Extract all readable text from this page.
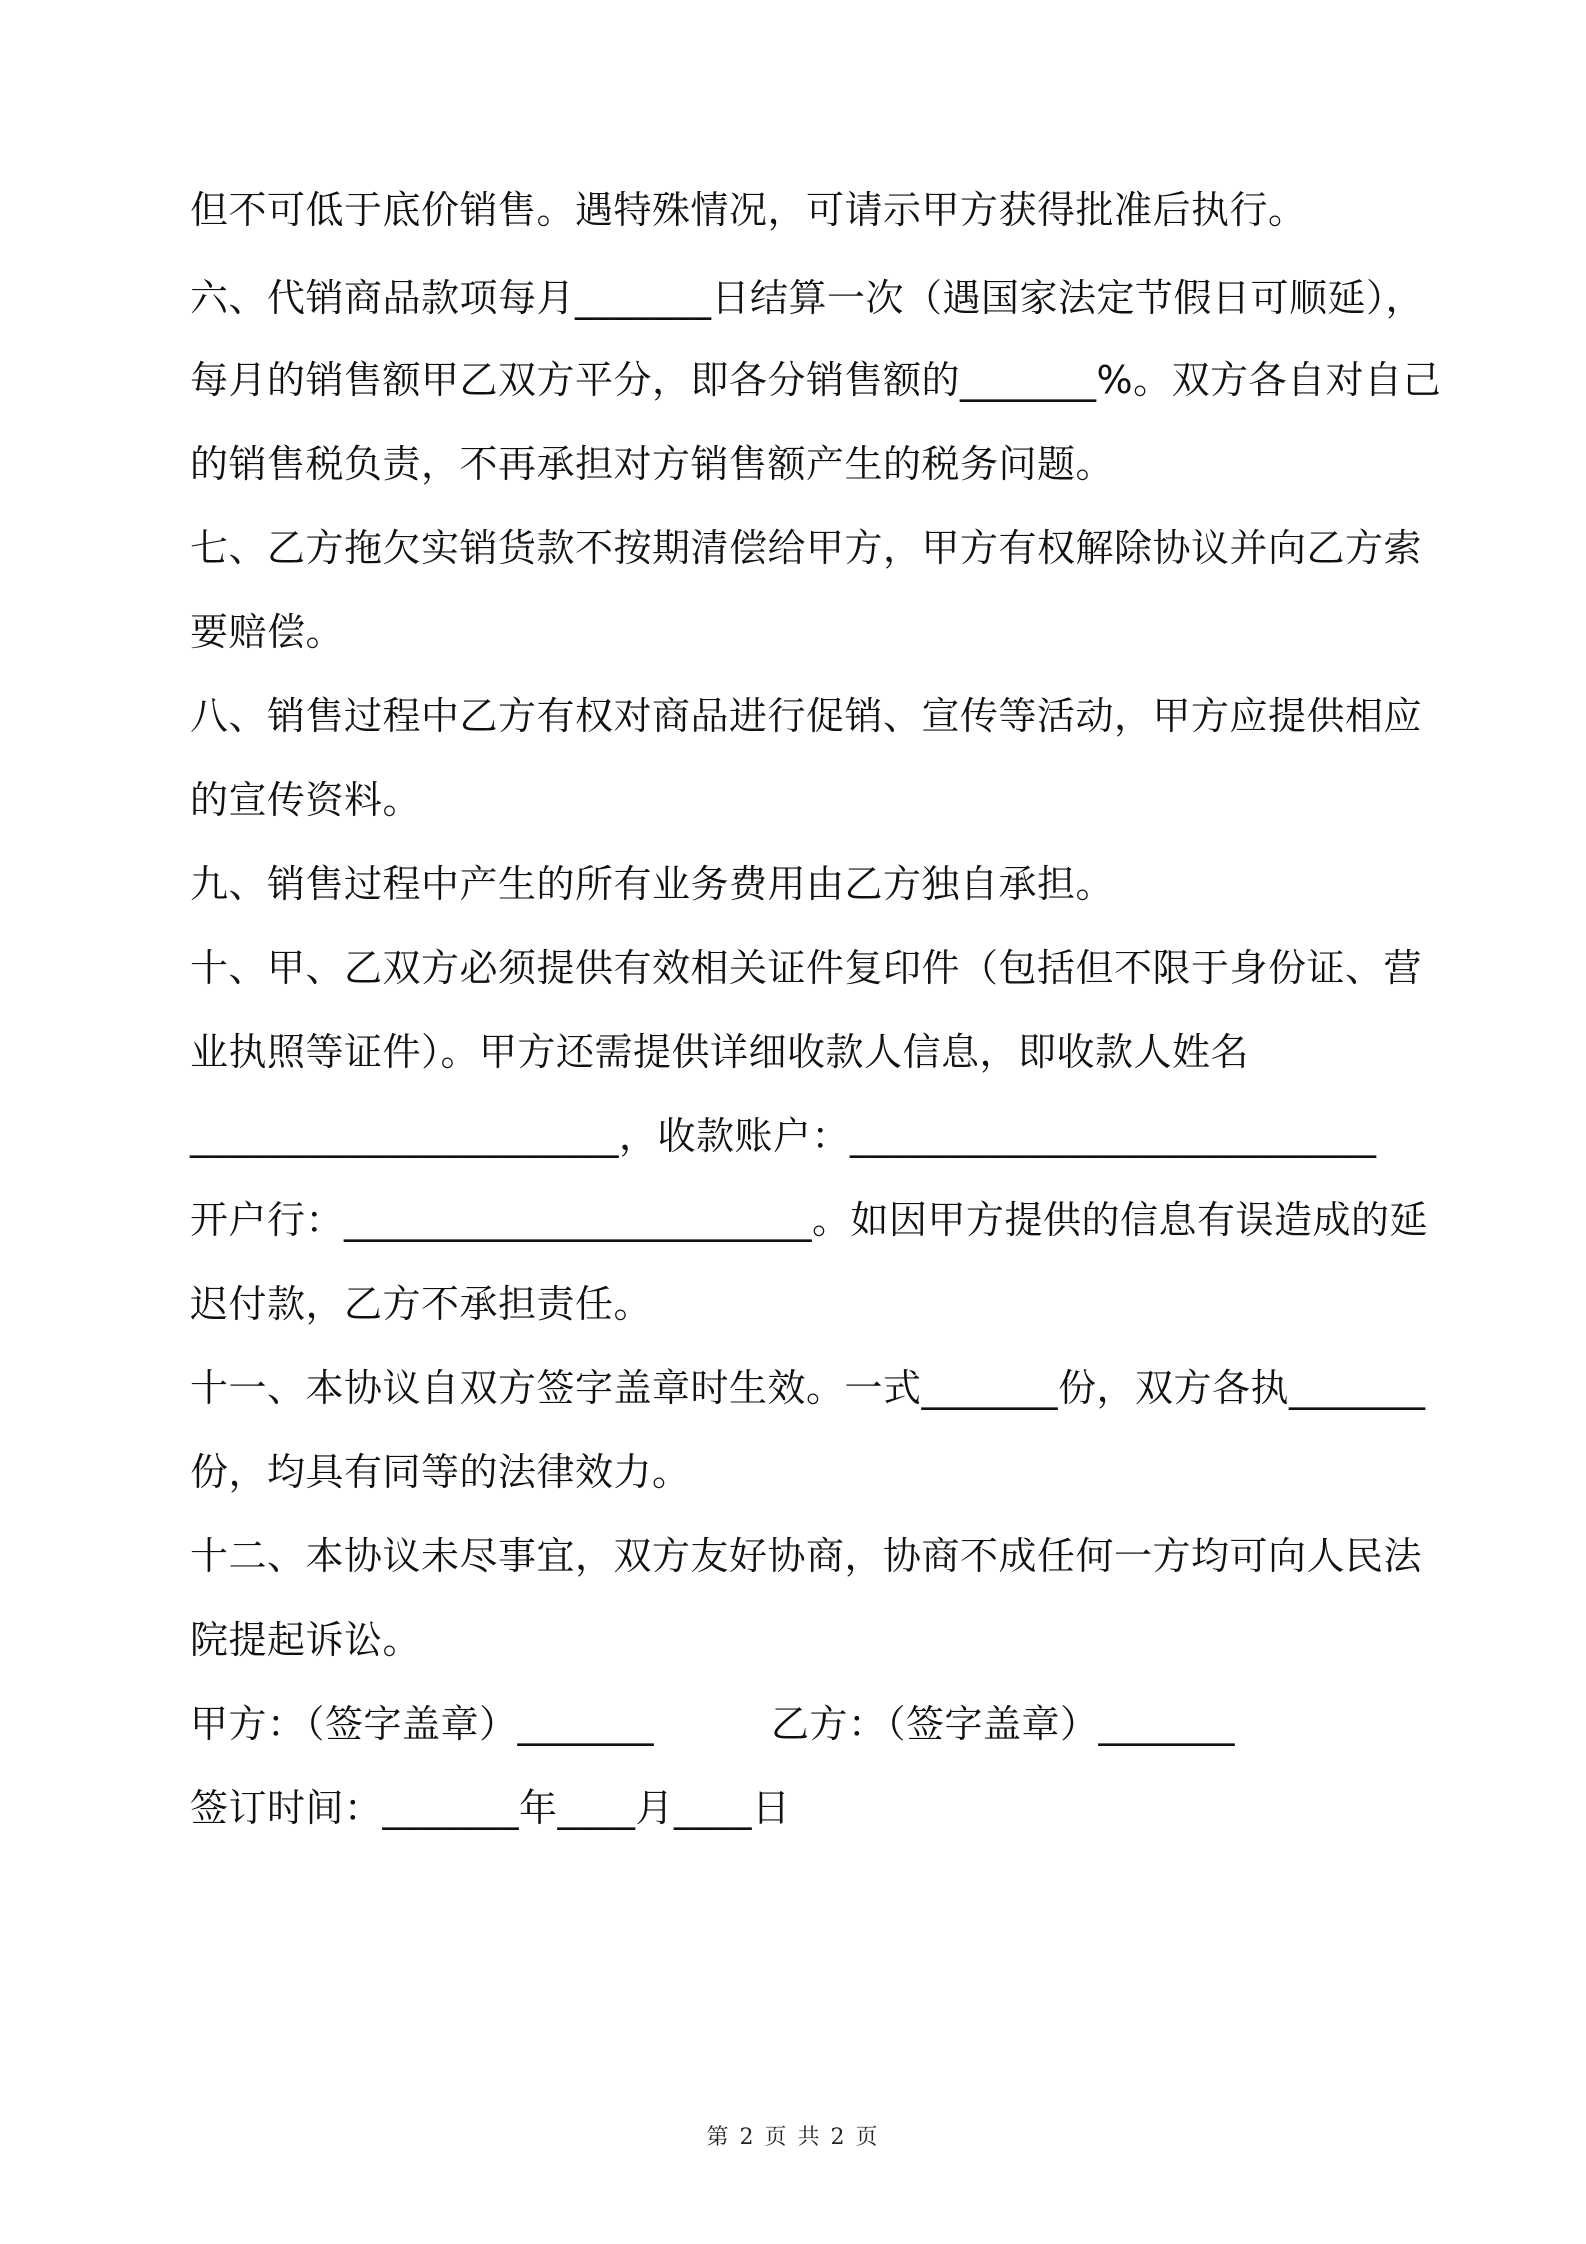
但不可低于底价销售。遇特殊情况，可请示甲方获得批准后执行。
六、代销商品款项每月_______日结算一次（遇国家法定节假日可顺延），
每月的销售额甲乙双方平分，即各分销售额的_______%。双方各自对自己
的销售税负责，不再承担对方销售额产生的税务问题。
七、乙方拖欠实销货款不按期清偿给甲方，甲方有权解除协议并向乙方索
要赔偿。
八、销售过程中乙方有权对商品进行促销、宣传等活动，甲方应提供相应
的宣传资料。
九、销售过程中产生的所有业务费用由乙方独自承担。
十、甲、乙双方必须提供有效相关证件复印件（包括但不限于身份证、营
业执照等证件）。甲方还需提供详细收款人信息，即收款人姓名
______________________，收款账户：___________________________
开户行：________________________。如因甲方提供的信息有误造成的延
迟付款，乙方不承担责任。
十一、本协议自双方签字盖章时生效。一式_______份，双方各执_______
份，均具有同等的法律效力。
十二、本协议未尽事宜，双方友好协商，协商不成任何一方均可向人民法
院提起诉讼。
甲方：（签字盖章）_______	乙方：（签字盖章）_______
签订时间：_______年____月____日
第 2 页 共 2 页
